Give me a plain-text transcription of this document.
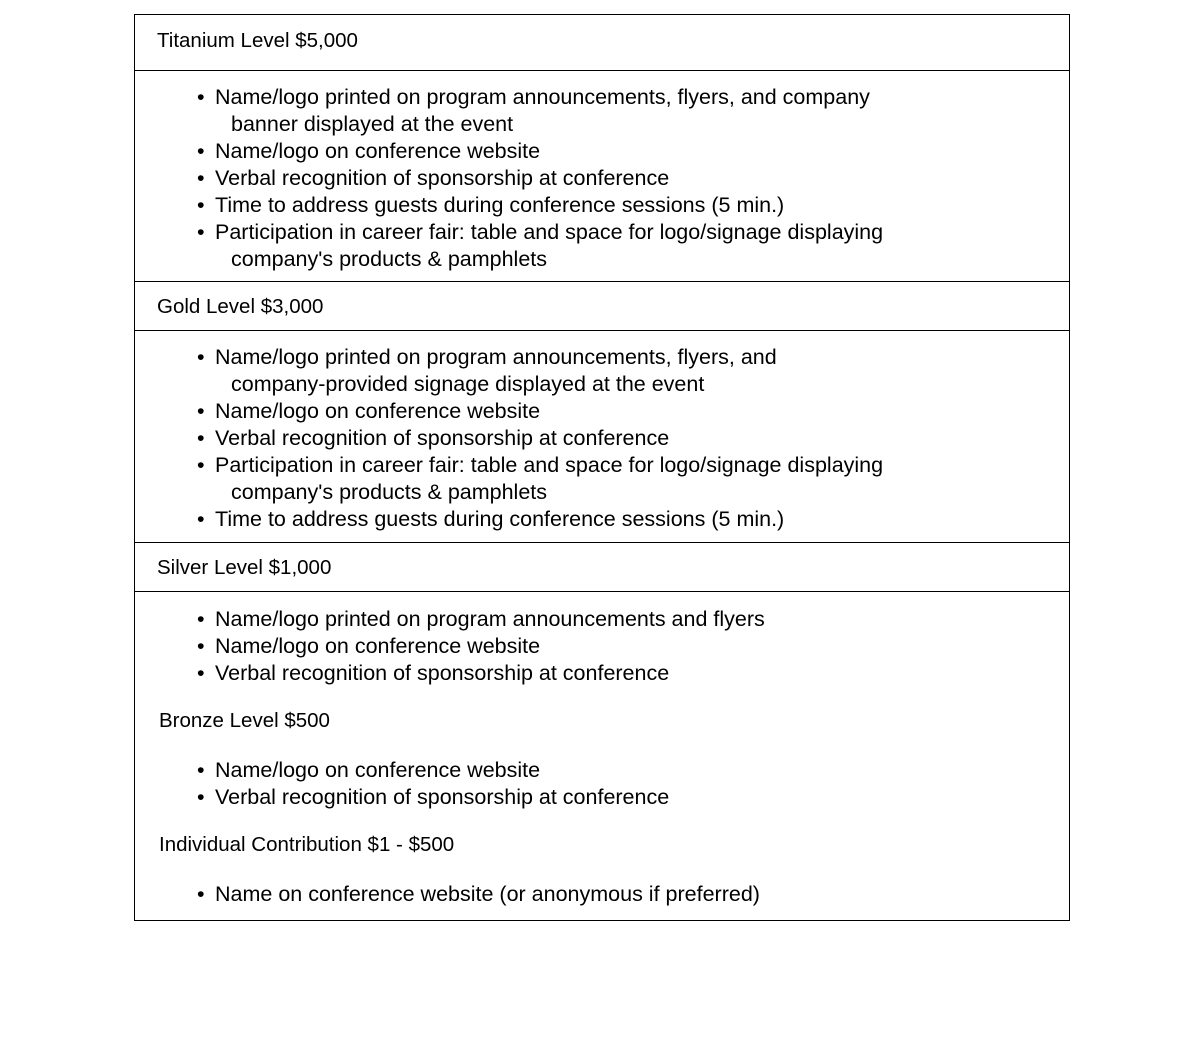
Titanium Level $5,000
• Name/logo printed on program announcements, flyers, and company
banner displayed at the event
• Name/logo on conference website
• Verbal recognition of sponsorship at conference
• Time to address guests during conference sessions (5 min.)
• Participation in career fair: table and space for logo/signage displaying
company's products & pamphlets
Gold Level $3,000
• Name/logo printed on program announcements, flyers, and
company-provided signage displayed at the event
• Name/logo on conference website
• Verbal recognition of sponsorship at conference
• Participation in career fair: table and space for logo/signage displaying
company's products & pamphlets
• Time to address guests during conference sessions (5 min.)
Silver Level $1,000
• Name/logo printed on program announcements and flyers
• Name/logo on conference website
• Verbal recognition of sponsorship at conference
Bronze Level $500
• Name/logo on conference website
• Verbal recognition of sponsorship at conference
Individual Contribution $1 - $500
• Name on conference website (or anonymous if preferred)
